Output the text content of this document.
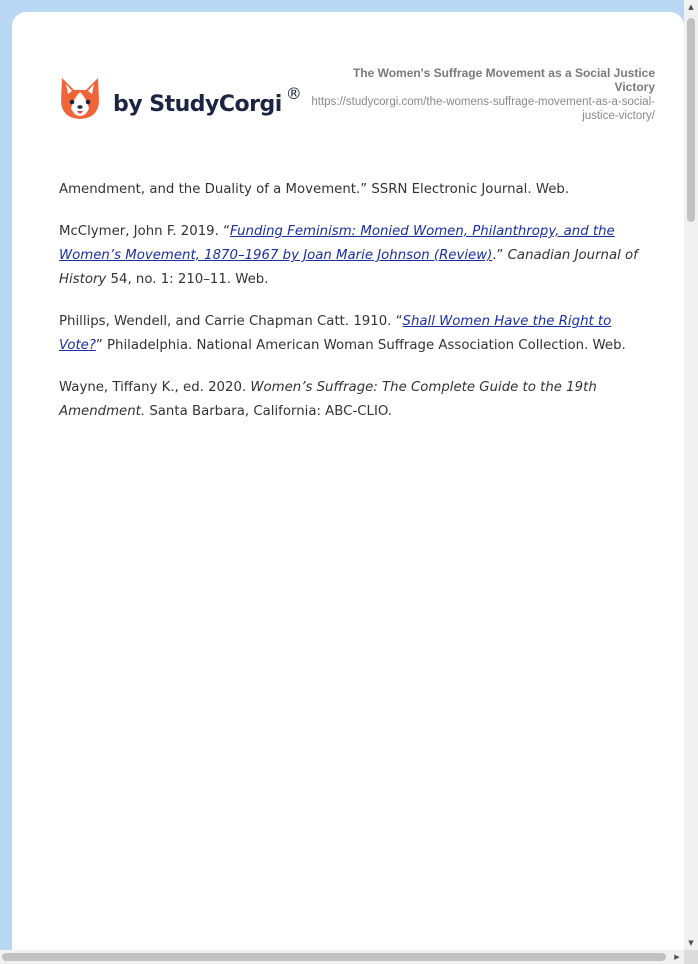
by StudyCorgi ®
The Women's Suffrage Movement as a Social Justice Victory
https://studycorgi.com/the-womens-suffrage-movement-as-a-social-justice-victory/

Amendment, and the Duality of a Movement.” SSRN Electronic Journal. Web.

McClymer, John F. 2019. “Funding Feminism: Monied Women, Philanthropy, and the Women’s Movement, 1870–1967 by Joan Marie Johnson (Review).” Canadian Journal of History 54, no. 1: 210–11. Web.

Phillips, Wendell, and Carrie Chapman Catt. 1910. “Shall Women Have the Right to Vote?” Philadelphia. National American Woman Suffrage Association Collection. Web.

Wayne, Tiffany K., ed. 2020. Women’s Suffrage: The Complete Guide to the 19th Amendment. Santa Barbara, California: ABC-CLIO.

▲
▼
▶
